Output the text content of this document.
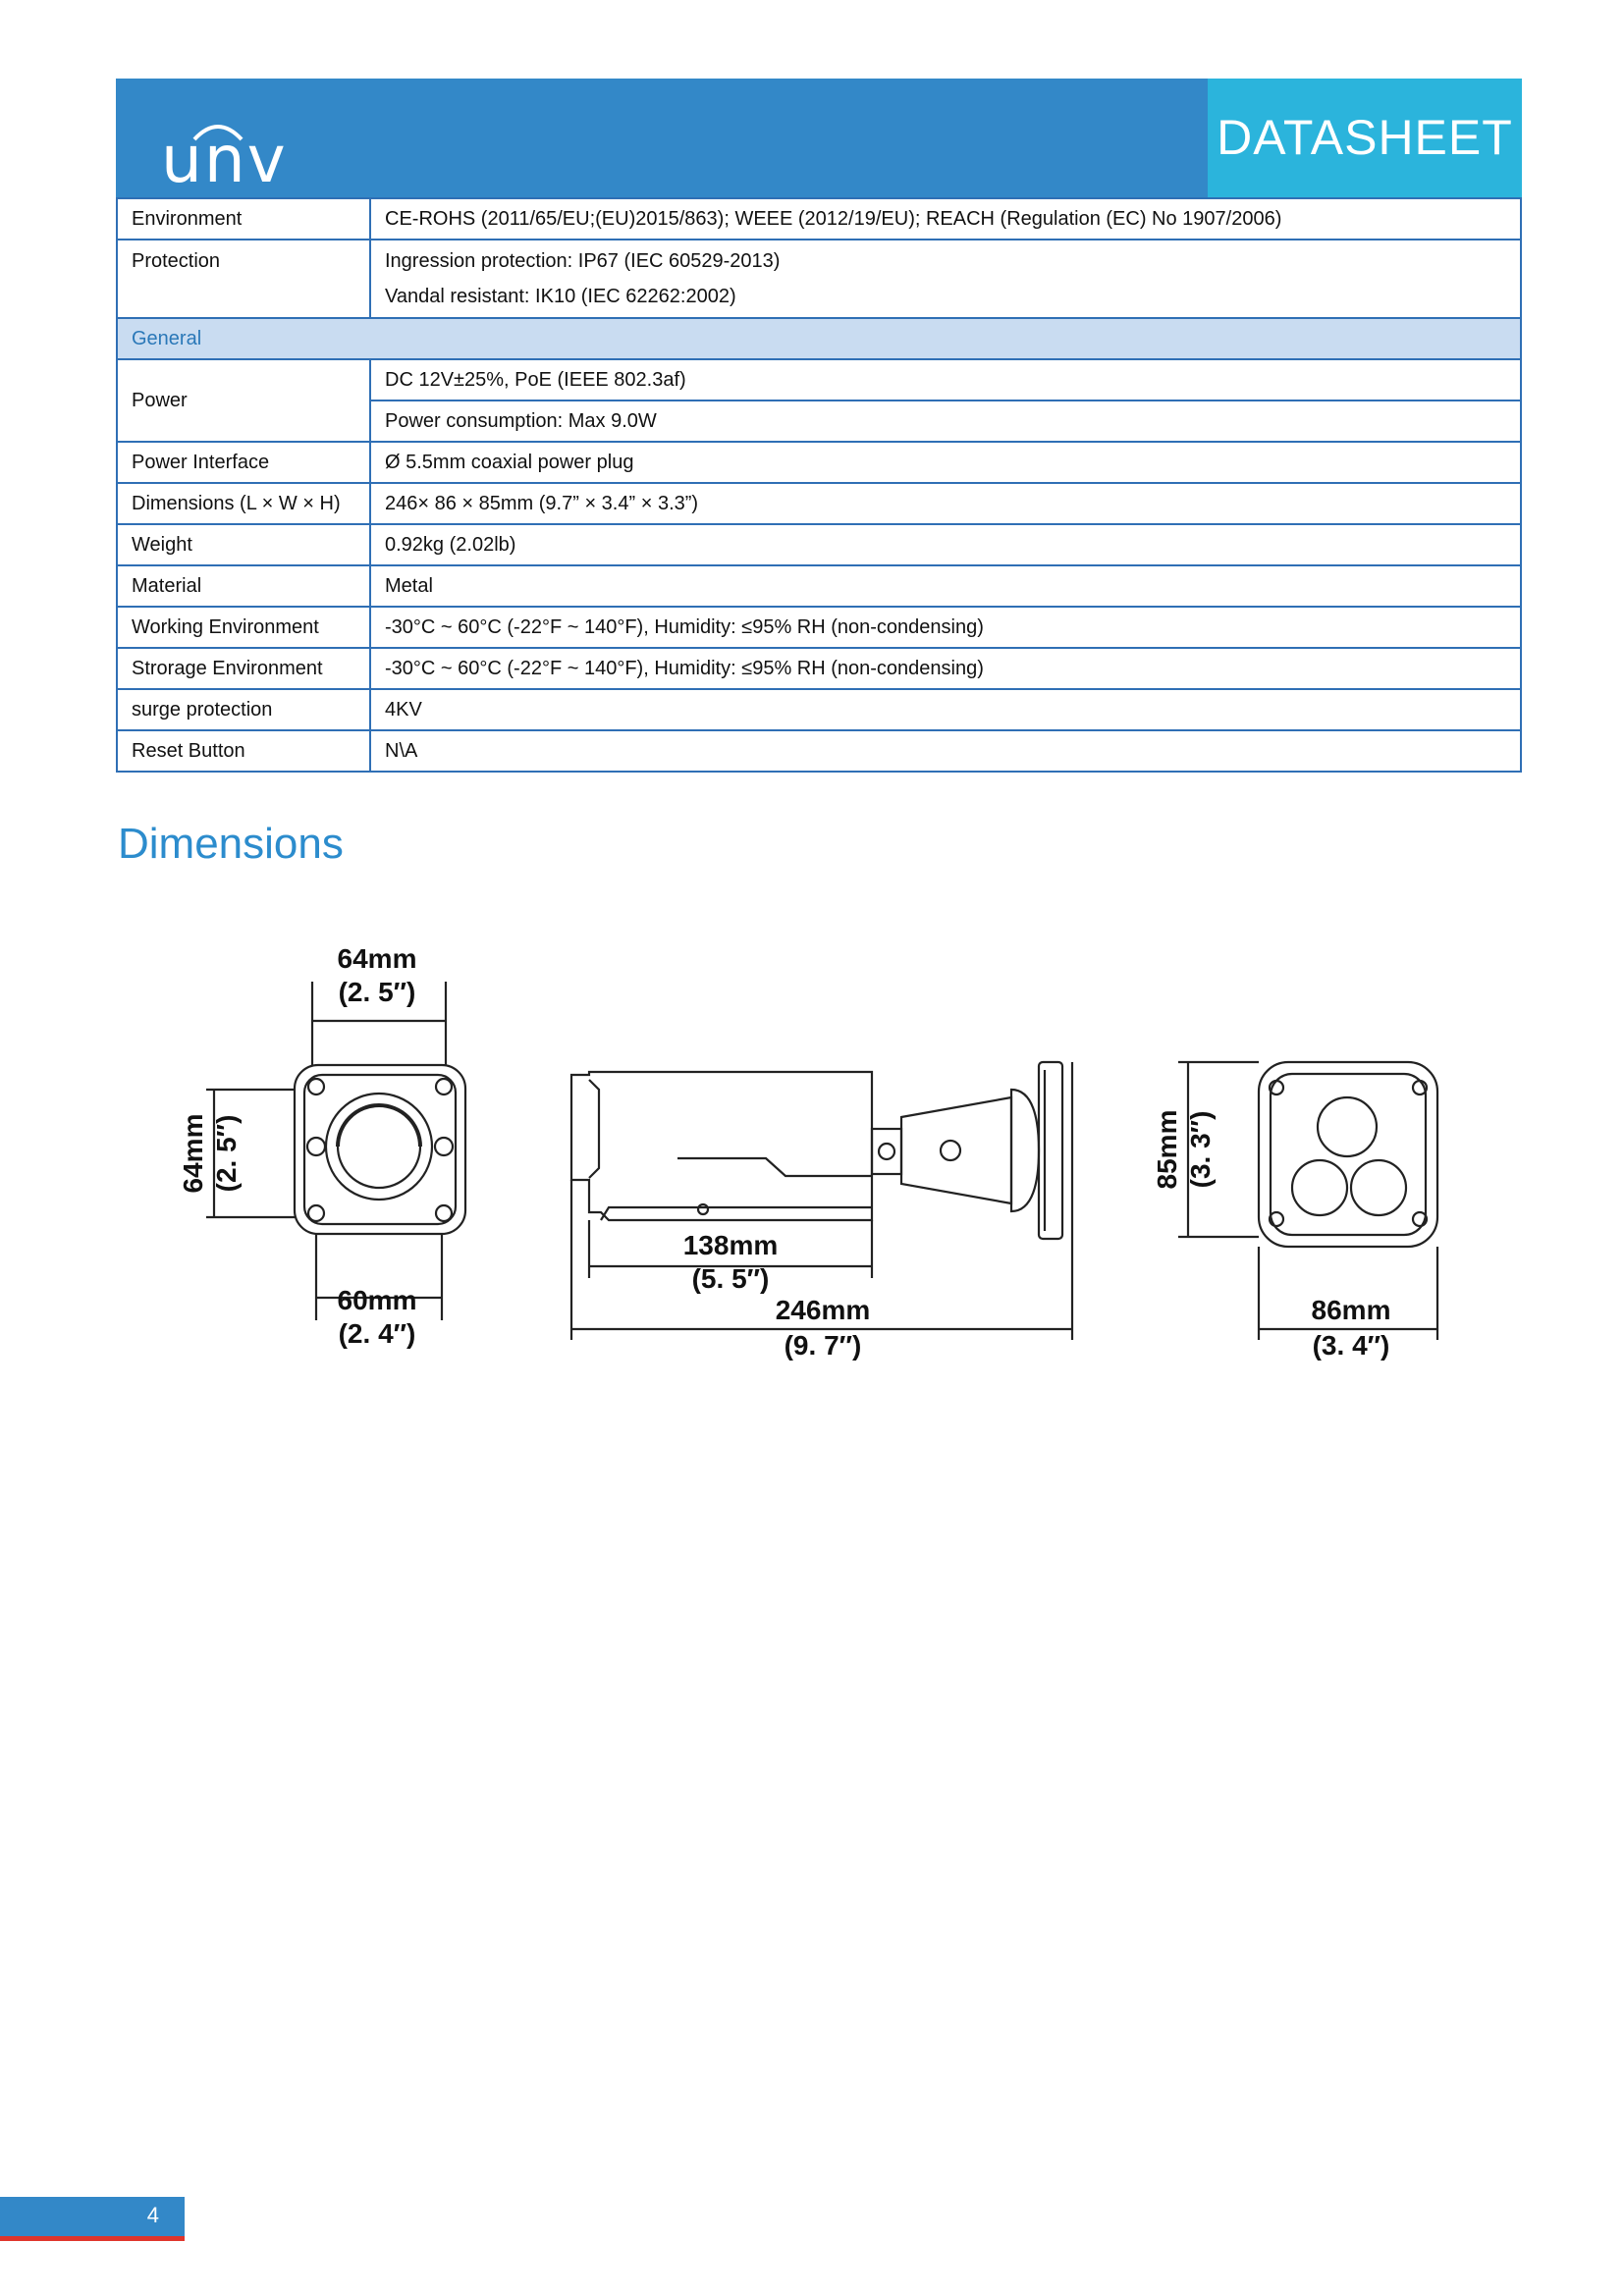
unv	DATASHEET
Environment	CE-ROHS (2011/65/EU;(EU)2015/863); WEEE (2012/19/EU); REACH (Regulation (EC) No 1907/2006)
Protection	Ingression protection: IP67 (IEC 60529-2013)
Vandal resistant: IK10 (IEC 62262:2002)

General	
Power	DC 12V±25%, PoE (IEEE 802.3af)
	Power consumption: Max 9.0W
Power Interface	Ø 5.5mm coaxial power plug
Dimensions (L × W × H)	246× 86 × 85mm (9.7” × 3.4” × 3.3”)
Weight	0.92kg (2.02lb)
Material	Metal
Working Environment	-30°C ~ 60°C (-22°F ~ 140°F), Humidity: ≤95% RH (non-condensing)
Strorage Environment	-30°C ~ 60°C (-22°F ~ 140°F), Humidity: ≤95% RH (non-condensing)
surge protection	4KV
Reset Button	N\A
Dimensions
64mm
(2. 5″)
64mm (2. 5″)
60mm
(2. 4″)
138mm
(5. 5″)
246mm
(9. 7″)
85mm (3. 3″)
86mm
(3. 4″)
4
